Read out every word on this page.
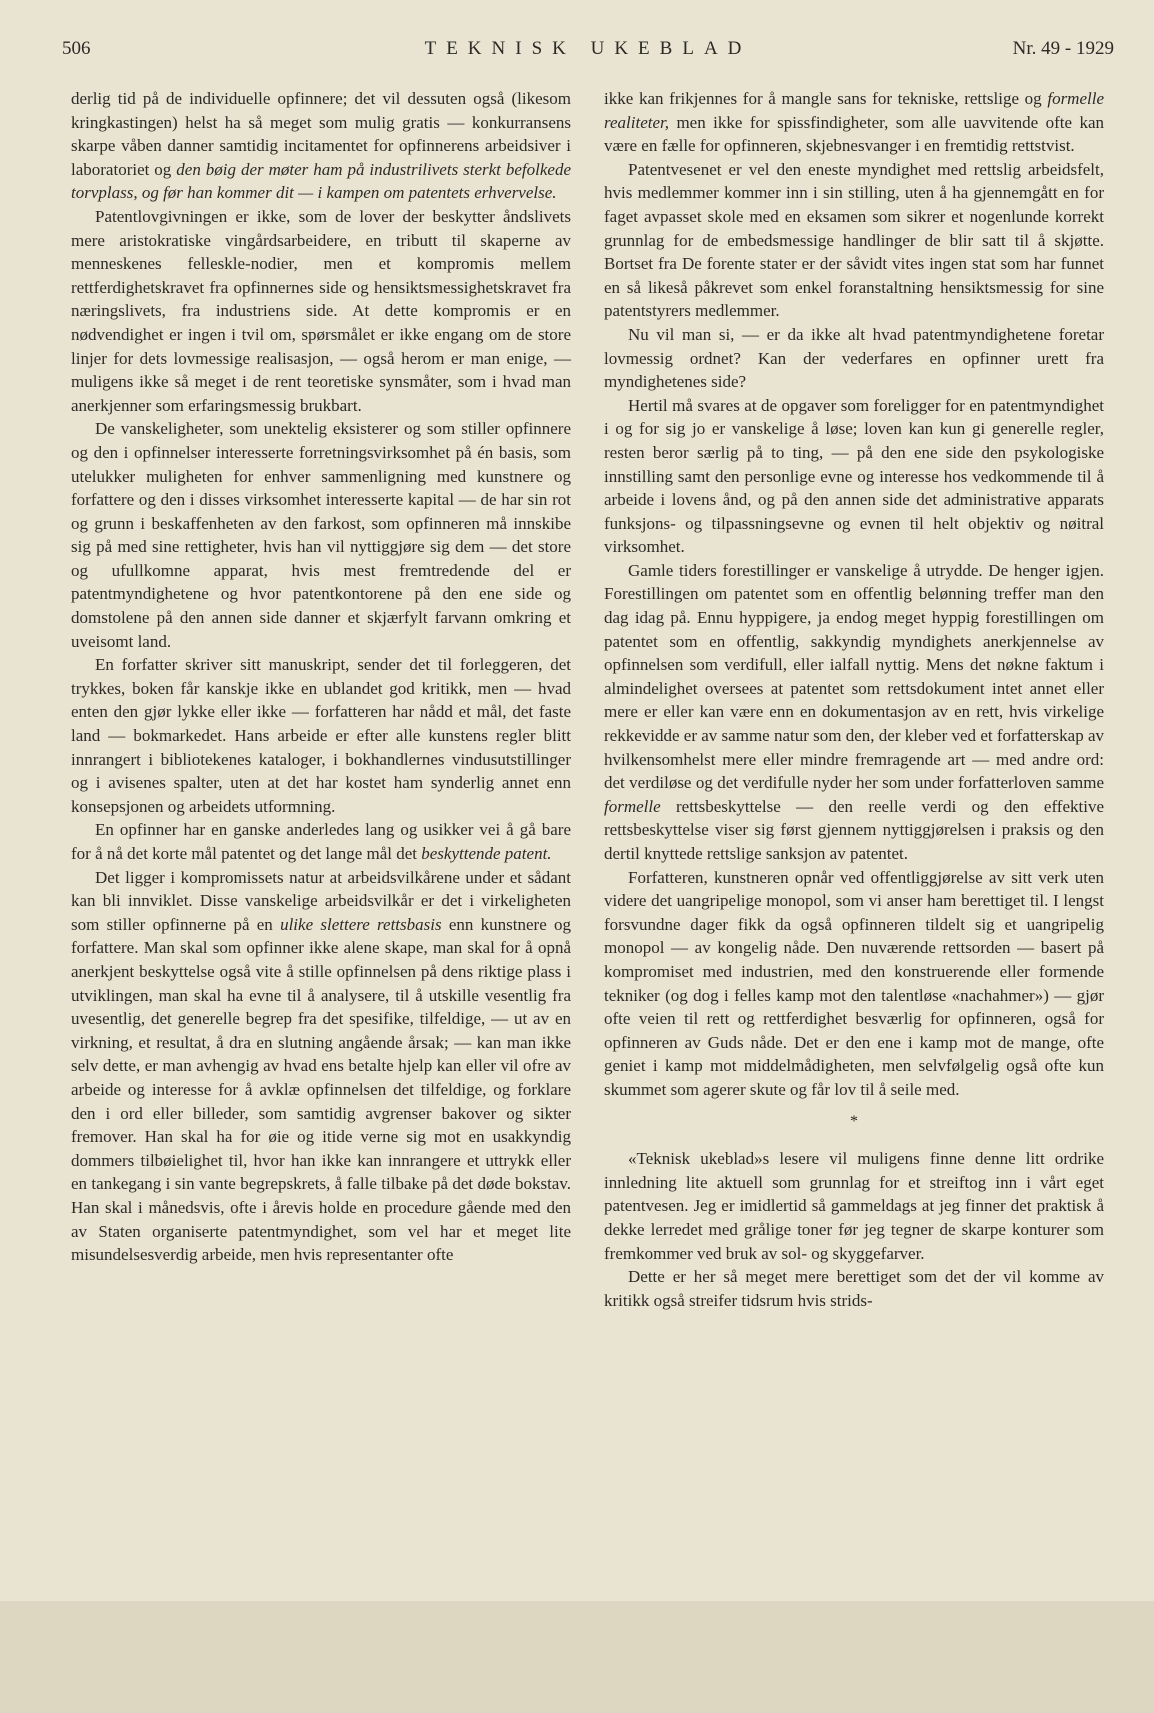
506	TEKNISK UKEBLAD	Nr. 49 - 1929

derlig tid på de individuelle opfinnere; det vil dessuten også (likesom kringkastingen) helst ha så meget som mulig gratis — konkurransens skarpe våben danner samtidig incitamentet for opfinnerens arbeidsiver i laboratoriet og den bøig der møter ham på industrilivets sterkt befolkede torvplass, og før han kommer dit — i kampen om patentets erhvervelse.

Patentlovgivningen er ikke, som de lover der beskytter åndslivets mere aristokratiske vingårdsarbeidere, en tributt til skaperne av menneskenes felleskle-nodier, men et kompromis mellem rettferdighetskravet fra opfinnernes side og hensiktsmessighetskravet fra næringslivets, fra industriens side. At dette kompromis er en nødvendighet er ingen i tvil om, spørsmålet er ikke engang om de store linjer for dets lovmessige realisasjon, — også herom er man enige, — muligens ikke så meget i de rent teoretiske synsmåter, som i hvad man anerkjenner som erfaringsmessig brukbart.

De vanskeligheter, som unektelig eksisterer og som stiller opfinnere og den i opfinnelser interesserte forretningsvirksomhet på én basis, som utelukker muligheten for enhver sammenligning med kunstnere og forfattere og den i disses virksomhet interesserte kapital — de har sin rot og grunn i beskaffenheten av den farkost, som opfinneren må innskibe sig på med sine rettigheter, hvis han vil nyttiggjøre sig dem — det store og ufullkomne apparat, hvis mest fremtredende del er patentmyndighetene og hvor patentkontorene på den ene side og domstolene på den annen side danner et skjærfylt farvann omkring et uveisomt land.

En forfatter skriver sitt manuskript, sender det til forleggeren, det trykkes, boken får kanskje ikke en ublandet god kritikk, men — hvad enten den gjør lykke eller ikke — forfatteren har nådd et mål, det faste land — bokmarkedet. Hans arbeide er efter alle kunstens regler blitt innrangert i bibliotekenes kataloger, i bokhandlernes vindusutstillinger og i avisenes spalter, uten at det har kostet ham synderlig annet enn konsepsjonen og arbeidets utformning.

En opfinner har en ganske anderledes lang og usikker vei å gå bare for å nå det korte mål patentet og det lange mål det beskyttende patent.

Det ligger i kompromissets natur at arbeidsvilkårene under et sådant kan bli innviklet. Disse vanskelige arbeidsvilkår er det i virkeligheten som stiller opfinnerne på en ulike slettere rettsbasis enn kunstnere og forfattere. Man skal som opfinner ikke alene skape, man skal for å opnå anerkjent beskyttelse også vite å stille opfinnelsen på dens riktige plass i utviklingen, man skal ha evne til å analysere, til å utskille vesentlig fra uvesentlig, det generelle begrep fra det spesifike, tilfeldige, — ut av en virkning, et resultat, å dra en slutning angående årsak; — kan man ikke selv dette, er man avhengig av hvad ens betalte hjelp kan eller vil ofre av arbeide og interesse for å avklæ opfinnelsen det tilfeldige, og forklare den i ord eller billeder, som samtidig avgrenser bakover og sikter fremover. Han skal ha for øie og itide verne sig mot en usakkyndig dommers tilbøielighet til, hvor han ikke kan innrangere et uttrykk eller en tankegang i sin vante begrepskrets, å falle tilbake på det døde bokstav. Han skal i månedsvis, ofte i årevis holde en procedure gående med den av Staten organiserte patentmyndighet, som vel har et meget lite misundelsesverdig arbeide, men hvis representanter ofte

ikke kan frikjennes for å mangle sans for tekniske, rettslige og formelle realiteter, men ikke for spissfindigheter, som alle uavvitende ofte kan være en fælle for opfinneren, skjebnesvanger i en fremtidig rettstvist.

Patentvesenet er vel den eneste myndighet med rettslig arbeidsfelt, hvis medlemmer kommer inn i sin stilling, uten å ha gjennemgått en for faget avpasset skole med en eksamen som sikrer et nogenlunde korrekt grunnlag for de embedsmessige handlinger de blir satt til å skjøtte. Bortset fra De forente stater er der såvidt vites ingen stat som har funnet en så likeså påkrevet som enkel foranstaltning hensiktsmessig for sine patentstyrers medlemmer.

Nu vil man si, — er da ikke alt hvad patentmyndighetene foretar lovmessig ordnet? Kan der vederfares en opfinner urett fra myndighetenes side?

Hertil må svares at de opgaver som foreligger for en patentmyndighet i og for sig jo er vanskelige å løse; loven kan kun gi generelle regler, resten beror særlig på to ting, — på den ene side den psykologiske innstilling samt den personlige evne og interesse hos vedkommende til å arbeide i lovens ånd, og på den annen side det administrative apparats funksjons- og tilpassningsevne og evnen til helt objektiv og nøitral virksomhet.

Gamle tiders forestillinger er vanskelige å utrydde. De henger igjen. Forestillingen om patentet som en offentlig belønning treffer man den dag idag på. Ennu hyppigere, ja endog meget hyppig forestillingen om patentet som en offentlig, sakkyndig myndighets anerkjennelse av opfinnelsen som verdifull, eller ialfall nyttig. Mens det nøkne faktum i almindelighet oversees at patentet som rettsdokument intet annet eller mere er eller kan være enn en dokumentasjon av en rett, hvis virkelige rekkevidde er av samme natur som den, der kleber ved et forfatterskap av hvilkensomhelst mere eller mindre fremragende art — med andre ord: det verdiløse og det verdifulle nyder her som under forfatterloven samme formelle rettsbeskyttelse — den reelle verdi og den effektive rettsbeskyttelse viser sig først gjennem nyttiggjørelsen i praksis og den dertil knyttede rettslige sanksjon av patentet.

Forfatteren, kunstneren opnår ved offentliggjørelse av sitt verk uten videre det uangripelige monopol, som vi anser ham berettiget til. I lengst forsvundne dager fikk da også opfinneren tildelt sig et uangripelig monopol — av kongelig nåde. Den nuværende rettsorden — basert på kompromiset med industrien, med den konstruerende eller formende tekniker (og dog i felles kamp mot den talentløse «nachahmer») — gjør ofte veien til rett og rettferdighet besværlig for opfinneren, også for opfinneren av Guds nåde. Det er den ene i kamp mot de mange, ofte geniet i kamp mot middelmådigheten, men selvfølgelig også ofte kun skummet som agerer skute og får lov til å seile med.

*

«Teknisk ukeblad»s lesere vil muligens finne denne litt ordrike innledning lite aktuell som grunnlag for et streiftog inn i vårt eget patentvesen. Jeg er imidlertid så gammeldags at jeg finner det praktisk å dekke lerredet med grålige toner før jeg tegner de skarpe konturer som fremkommer ved bruk av sol- og skyggefarver.

Dette er her så meget mere berettiget som det der vil komme av kritikk også streifer tidsrum hvis strids-
